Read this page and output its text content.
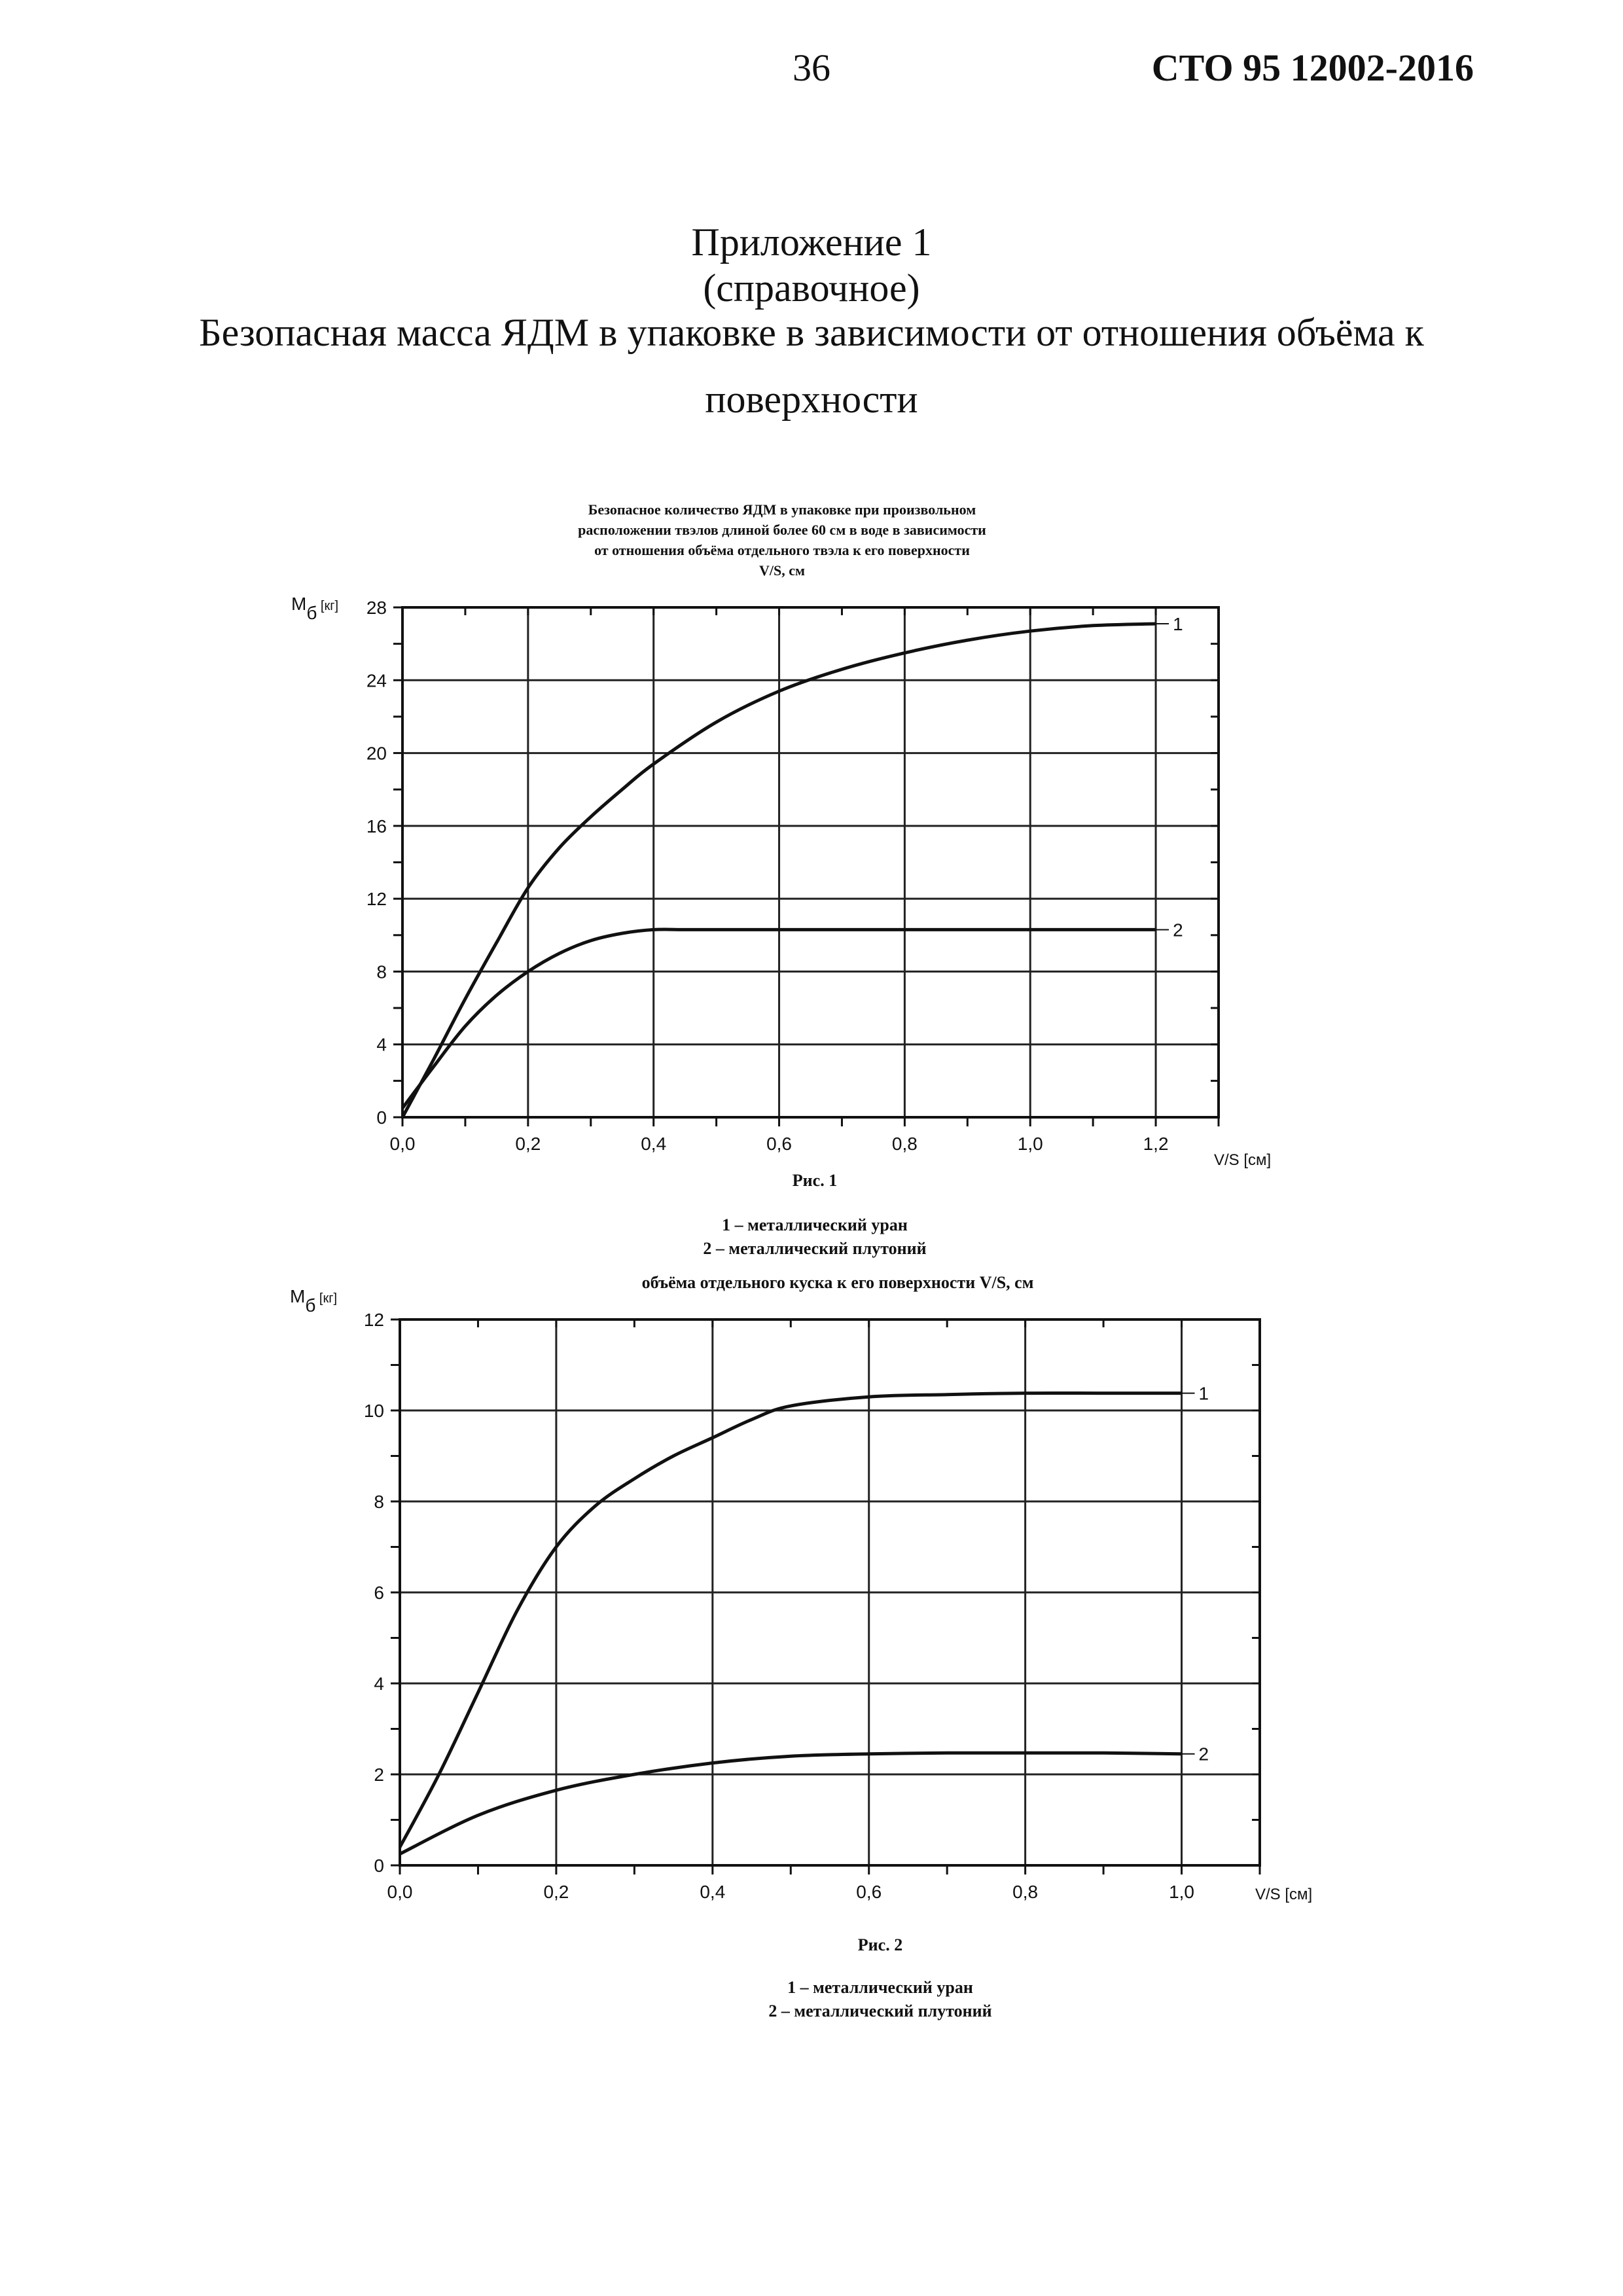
36	СТО 95 12002-2016
Приложение 1
(справочное)
Безопасная масса ЯДМ в упаковке в зависимости от отношения объёма к
поверхности
Безопасное количество ЯДМ в упаковке при произвольном
расположении твэлов длиной более 60 см в воде в зависимости
от отношения объёма отдельного твэла к его поверхности
V/S, см
0,0	0,2	0,4	0,6	0,8	1,0	1,2
0
4
8
12
16
20
24
28
V/S [см]
Mб [кг]
1
2
Рис. 1
1 – металлический уран
2 – металлический плутоний
объёма отдельного куска к его поверхности V/S, см
0,0	0,2	0,4	0,6	0,8	1,0
0
2
4
6
8
10
12
V/S [см]
Mб [кг]
1
2
Рис. 2
1 – металлический уран
2 – металлический плутоний
